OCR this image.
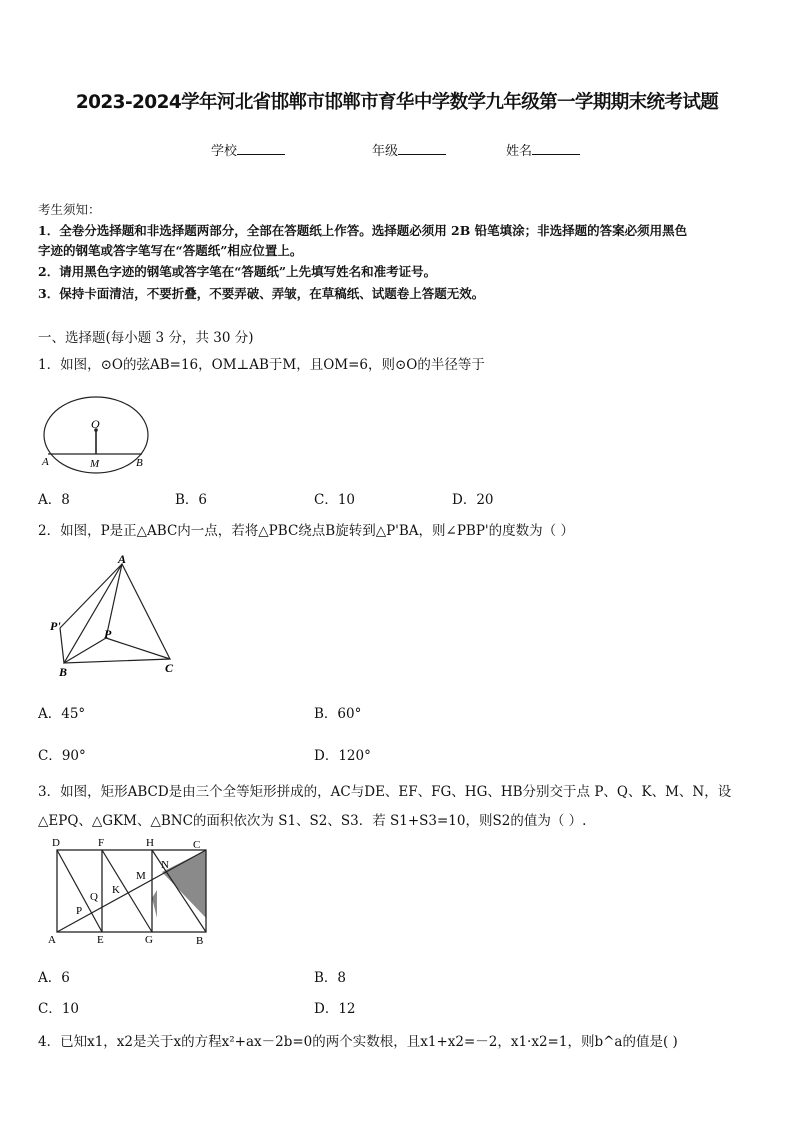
2023-2024学年河北省邯郸市邯郸市育华中学数学九年级第一学期期末统考试题
学校	年级	姓名
考生须知：
1．全卷分选择题和非选择题两部分，全部在答题纸上作答。选择题必须用 2B 铅笔填涂；非选择题的答案必须用黑色
字迹的钢笔或答字笔写在“答题纸”相应位置上。
2．请用黑色字迹的钢笔或答字笔在“答题纸”上先填写姓名和准考证号。
3．保持卡面清洁，不要折叠，不要弄破、弄皱，在草稿纸、试题卷上答题无效。
一、选择题(每小题 3 分，共 30 分)
1．如图，⊙O的弦AB=16，OM⊥AB于M，且OM=6，则⊙O的半径等于
O
A	M	B
A．8	B．6	C．10	D．20
2．如图，P是正△ABC内一点，若将△PBC绕点B旋转到△P'BA，则∠PBP'的度数为（ ）
A
P'
P
B	C
A．45°	B．60°
C．90°	D．120°
3．如图，矩形ABCD是由三个全等矩形拼成的，AC与DE、EF、FG、HG、HB分别交于点 P、Q、K、M、N，设
△EPQ、△GKM、△BNC的面积依次为 S1、S2、S3．若 S1+S3=10，则S2的值为（ ）.
D	F	H	C
N
M
K
Q
P
A	E	G	B
A．6	B．8
C．10	D．12
4．已知x1，x2是关于x的方程x²+ax－2b=0的两个实数根，且x1+x2=－2，x1·x2=1，则b^a的值是( )
